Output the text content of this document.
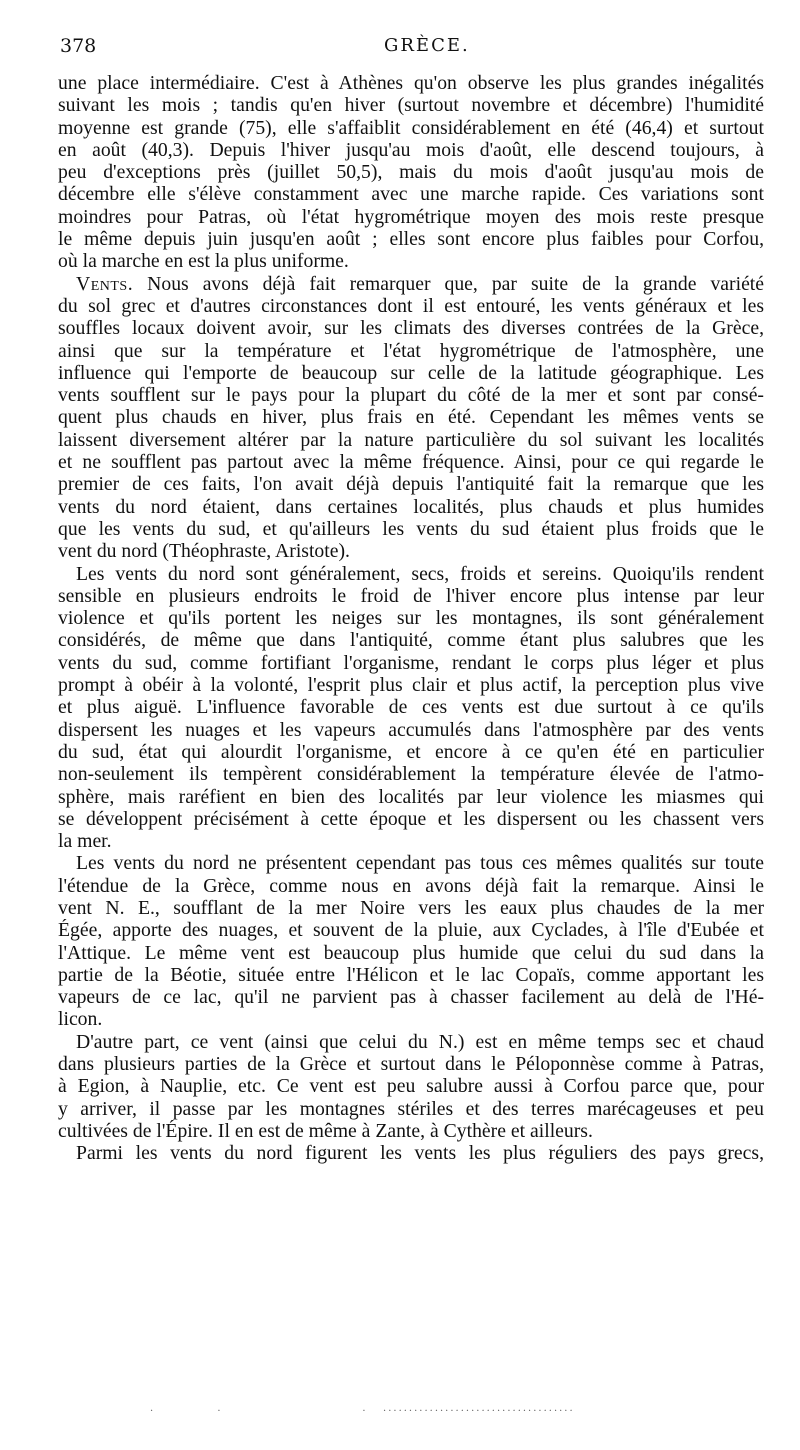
378	GRÈCE.
une place intermédiaire. C'est à Athènes qu'on observe les plus grandes inégalités
suivant les mois ; tandis qu'en hiver (surtout novembre et décembre) l'humidité
moyenne est grande (75), elle s'affaiblit considérablement en été (46,4) et surtout
en août (40,3). Depuis l'hiver jusqu'au mois d'août, elle descend toujours, à
peu d'exceptions près (juillet 50,5), mais du mois d'août jusqu'au mois de
décembre elle s'élève constamment avec une marche rapide. Ces variations sont
moindres pour Patras, où l'état hygrométrique moyen des mois reste presque
le même depuis juin jusqu'en août ; elles sont encore plus faibles pour Corfou,
où la marche en est la plus uniforme.
Vents. Nous avons déjà fait remarquer que, par suite de la grande variété
du sol grec et d'autres circonstances dont il est entouré, les vents généraux et les
souffles locaux doivent avoir, sur les climats des diverses contrées de la Grèce,
ainsi que sur la température et l'état hygrométrique de l'atmosphère, une
influence qui l'emporte de beaucoup sur celle de la latitude géographique. Les
vents soufflent sur le pays pour la plupart du côté de la mer et sont par consé-
quent plus chauds en hiver, plus frais en été. Cependant les mêmes vents se
laissent diversement altérer par la nature particulière du sol suivant les localités
et ne soufflent pas partout avec la même fréquence. Ainsi, pour ce qui regarde le
premier de ces faits, l'on avait déjà depuis l'antiquité fait la remarque que les
vents du nord étaient, dans certaines localités, plus chauds et plus humides
que les vents du sud, et qu'ailleurs les vents du sud étaient plus froids que le
vent du nord (Théophraste, Aristote).
Les vents du nord sont généralement, secs, froids et sereins. Quoiqu'ils rendent
sensible en plusieurs endroits le froid de l'hiver encore plus intense par leur
violence et qu'ils portent les neiges sur les montagnes, ils sont généralement
considérés, de même que dans l'antiquité, comme étant plus salubres que les
vents du sud, comme fortifiant l'organisme, rendant le corps plus léger et plus
prompt à obéir à la volonté, l'esprit plus clair et plus actif, la perception plus vive
et plus aiguë. L'influence favorable de ces vents est due surtout à ce qu'ils
dispersent les nuages et les vapeurs accumulés dans l'atmosphère par des vents
du sud, état qui alourdit l'organisme, et encore à ce qu'en été en particulier
non-seulement ils tempèrent considérablement la température élevée de l'atmo-
sphère, mais raréfient en bien des localités par leur violence les miasmes qui
se développent précisément à cette époque et les dispersent ou les chassent vers
la mer.
Les vents du nord ne présentent cependant pas tous ces mêmes qualités sur toute
l'étendue de la Grèce, comme nous en avons déjà fait la remarque. Ainsi le
vent N. E., soufflant de la mer Noire vers les eaux plus chaudes de la mer
Égée, apporte des nuages, et souvent de la pluie, aux Cyclades, à l'île d'Eubée et
l'Attique. Le même vent est beaucoup plus humide que celui du sud dans la
partie de la Béotie, située entre l'Hélicon et le lac Copaïs, comme apportant les
vapeurs de ce lac, qu'il ne parvient pas à chasser facilement au delà de l'Hé-
licon.
D'autre part, ce vent (ainsi que celui du N.) est en même temps sec et chaud
dans plusieurs parties de la Grèce et surtout dans le Péloponnèse comme à Patras,
à Egion, à Nauplie, etc. Ce vent est peu salubre aussi à Corfou parce que, pour
y arriver, il passe par les montagnes stériles et des terres marécageuses et peu
cultivées de l'Épire. Il en est de même à Zante, à Cythère et ailleurs.
Parmi les vents du nord figurent les vents les plus réguliers des pays grecs,
·            ·                           ·   ·····································
